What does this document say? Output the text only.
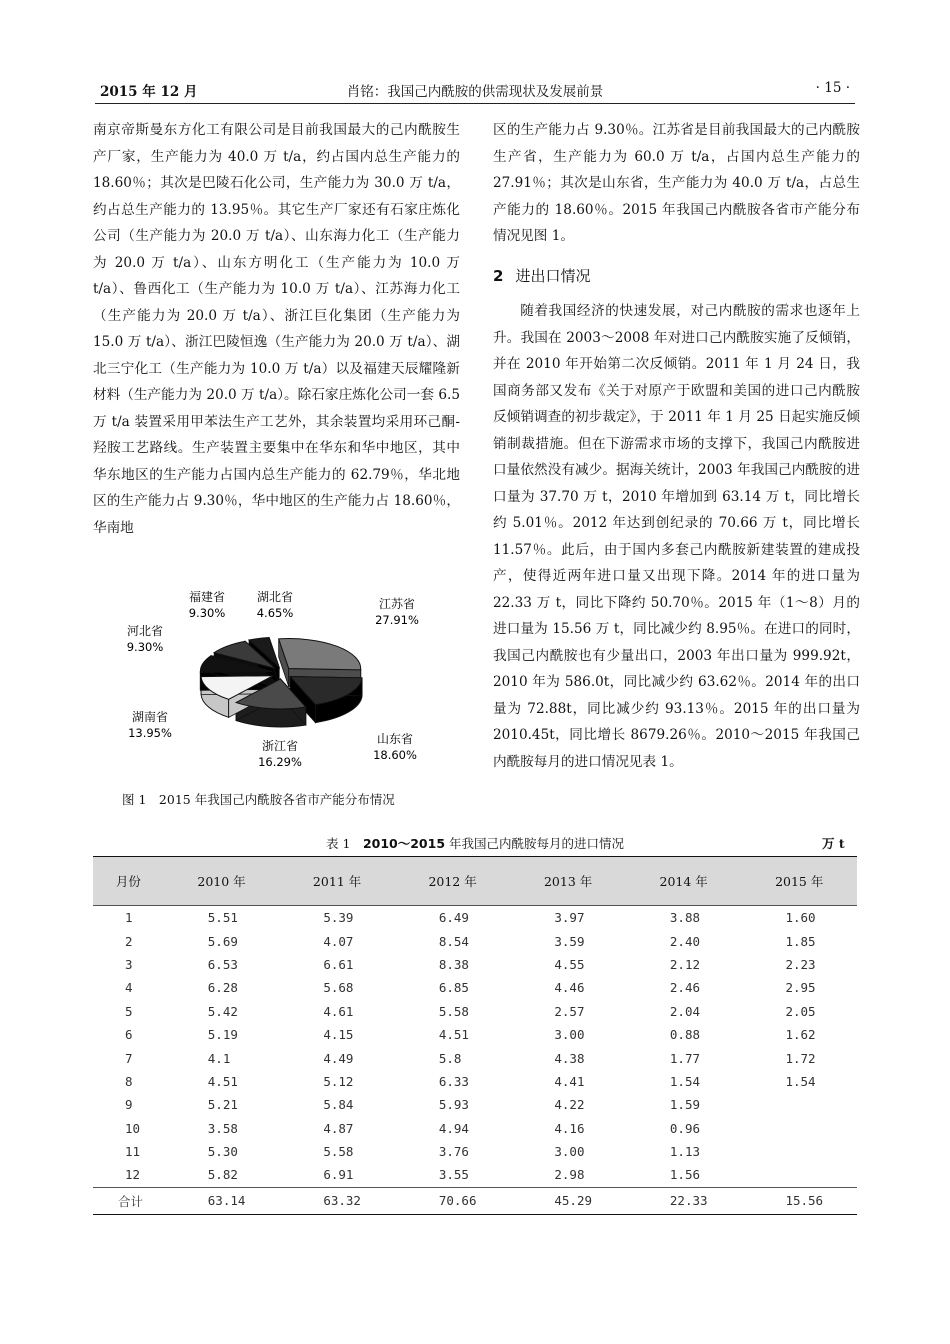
2015 年 12 月	肖铭：我国己内酰胺的供需现状及发展前景	· 15 ·

南京帝斯曼东方化工有限公司是目前我国最大的己内酰胺生产厂家，生产能力为 40.0 万 t/a，约占国内总生产能力的 18.60％；其次是巴陵石化公司，生产能力为 30.0 万 t/a，约占总生产能力的 13.95％。其它生产厂家还有石家庄炼化公司（生产能力为 20.0 万 t/a）、山东海力化工（生产能力为 20.0 万 t/a）、山东方明化工（生产能力为 10.0 万 t/a）、鲁西化工（生产能力为 10.0 万 t/a）、江苏海力化工（生产能力为 20.0 万 t/a）、浙江巨化集团（生产能力为 15.0 万 t/a）、浙江巴陵恒逸（生产能力为 20.0 万 t/a）、湖北三宁化工（生产能力为 10.0 万 t/a）以及福建天辰耀隆新材料（生产能力为 20.0 万 t/a）。除石家庄炼化公司一套 6.5 万 t/a 装置采用甲苯法生产工艺外，其余装置均采用环己酮-羟胺工艺路线。生产装置主要集中在华东和华中地区，其中华东地区的生产能力占国内总生产能力的 62.79％，华北地区的生产能力占 9.30％，华中地区的生产能力占 18.60％，华南地

江苏省
27.91%
山东省
18.60%
浙江省
16.29%
湖南省
13.95%
河北省
9.30%
福建省
9.30%
湖北省
4.65%
图 1　2015 年我国己内酰胺各省市产能分布情况

区的生产能力占 9.30％。江苏省是目前我国最大的己内酰胺生产省，生产能力为 60.0 万 t/a，占国内总生产能力的 27.91％；其次是山东省，生产能力为 40.0 万 t/a，占总生产能力的 18.60％。2015 年我国己内酰胺各省市产能分布情况见图 1。

2 进出口情况

随着我国经济的快速发展，对己内酰胺的需求也逐年上升。我国在 2003～2008 年对进口己内酰胺实施了反倾销，并在 2010 年开始第二次反倾销。2011 年 1 月 24 日，我国商务部又发布《关于对原产于欧盟和美国的进口己内酰胺反倾销调查的初步裁定》，于 2011 年 1 月 25 日起实施反倾销制裁措施。但在下游需求市场的支撑下，我国己内酰胺进口量依然没有减少。据海关统计，2003 年我国己内酰胺的进口量为 37.70 万 t，2010 年增加到 63.14 万 t，同比增长约 5.01％。2012 年达到创纪录的 70.66 万 t，同比增长 11.57％。此后，由于国内多套己内酰胺新建装置的建成投产，使得近两年进口量又出现下降。2014 年的进口量为 22.33 万 t，同比下降约 50.70％。2015 年（1～8）月的进口量为 15.56 万 t，同比减少约 8.95％。在进口的同时，我国己内酰胺也有少量出口，2003 年出口量为 999.92t，2010 年为 586.0t，同比减少约 63.62％。2014 年的出口量为 72.88t，同比减少约 93.13％。2015 年的出口量为 2010.45t，同比增长 8679.26％。2010～2015 年我国己内酰胺每月的进口情况见表 1。

表 1　 2010～2015 年我国己内酰胺每月的进口情况	万 t
月份	2010 年	2011 年	2012 年	2013 年	2014 年	2015 年
1	5.51	5.39	6.49	3.97	3.88	1.60
2	5.69	4.07	8.54	3.59	2.40	1.85
3	6.53	6.61	8.38	4.55	2.12	2.23
4	6.28	5.68	6.85	4.46	2.46	2.95
5	5.42	4.61	5.58	2.57	2.04	2.05
6	5.19	4.15	4.51	3.00	0.88	1.62
7	4.1	4.49	5.8	4.38	1.77	1.72
8	4.51	5.12	6.33	4.41	1.54	1.54
9	5.21	5.84	5.93	4.22	1.59	
10	3.58	4.87	4.94	4.16	0.96	
11	5.30	5.58	3.76	3.00	1.13	
12	5.82	6.91	3.55	2.98	1.56	
合计	63.14	63.32	70.66	45.29	22.33	15.56
